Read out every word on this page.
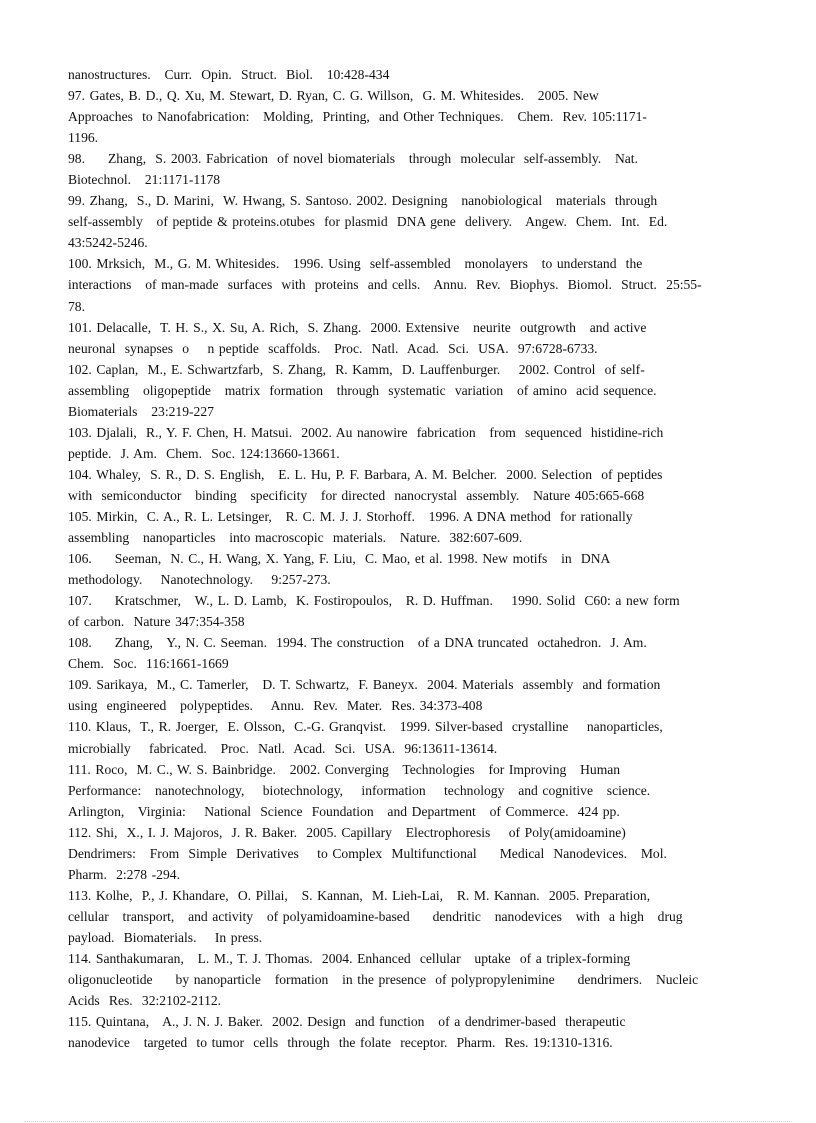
nanostructures.   Curr.  Opin.  Struct.  Biol.   10:428-434
97. Gates, B. D., Q. Xu, M. Stewart, D. Ryan, C. G. Willson,  G. M. Whitesides.   2005. New
Approaches  to Nanofabrication:   Molding,  Printing,  and Other Techniques.   Chem.  Rev. 105:1171-
1196.
98.     Zhang,  S. 2003. Fabrication  of novel biomaterials   through  molecular  self-assembly.   Nat.
Biotechnol.   21:1171-1178
99. Zhang,  S., D. Marini,  W. Hwang, S. Santoso. 2002. Designing   nanobiological   materials  through
self-assembly   of peptide & proteins.otubes  for plasmid  DNA gene  delivery.   Angew.  Chem.  Int.  Ed.
43:5242-5246.
100. Mrksich,  M., G. M. Whitesides.   1996. Using  self-assembled   monolayers   to understand  the
interactions   of man-made  surfaces  with  proteins  and cells.   Annu.  Rev.  Biophys.  Biomol.  Struct.  25:55-
78.
101. Delacalle,  T. H. S., X. Su, A. Rich,  S. Zhang.  2000. Extensive   neurite  outgrowth   and active
neuronal  synapses  o    n peptide  scaffolds.   Proc.  Natl.  Acad.  Sci.  USA.  97:6728-6733.
102. Caplan,  M., E. Schwartzfarb,  S. Zhang,  R. Kamm,  D. Lauffenburger.    2002. Control  of self-
assembling   oligopeptide   matrix  formation   through  systematic  variation   of amino  acid sequence.
Biomaterials   23:219-227
103. Djalali,  R., Y. F. Chen, H. Matsui.  2002. Au nanowire  fabrication   from  sequenced  histidine-rich
peptide.  J. Am.  Chem.  Soc. 124:13660-13661.
104. Whaley,  S. R., D. S. English,   E. L. Hu, P. F. Barbara, A. M. Belcher.  2000. Selection  of peptides
with  semiconductor   binding   specificity   for directed  nanocrystal  assembly.   Nature 405:665-668
105. Mirkin,  C. A., R. L. Letsinger,   R. C. M. J. J. Storhoff.   1996. A DNA method  for rationally
assembling   nanoparticles   into macroscopic  materials.   Nature.  382:607-609.
106.     Seeman,  N. C., H. Wang, X. Yang, F. Liu,  C. Mao, et al. 1998. New motifs   in  DNA
methodology.    Nanotechnology.    9:257-273.
107.     Kratschmer,   W., L. D. Lamb,  K. Fostiropoulos,   R. D. Huffman.    1990. Solid  C60: a new form
of carbon.  Nature 347:354-358
108.     Zhang,   Y., N. C. Seeman.  1994. The construction   of a DNA truncated  octahedron.  J. Am.
Chem.  Soc.  116:1661-1669
109. Sarikaya,  M., C. Tamerler,   D. T. Schwartz,  F. Baneyx.  2004. Materials  assembly  and formation
using  engineered   polypeptides.    Annu.  Rev.  Mater.  Res. 34:373-408
110. Klaus,  T., R. Joerger,  E. Olsson,  C.-G. Granqvist.   1999. Silver-based  crystalline    nanoparticles,
microbially    fabricated.   Proc.  Natl.  Acad.  Sci.  USA.  96:13611-13614.
111. Roco,  M. C., W. S. Bainbridge.   2002. Converging   Technologies   for Improving   Human
Performance:   nanotechnology,    biotechnology,    information    technology   and cognitive   science.
Arlington,   Virginia:    National  Science  Foundation   and Department   of Commerce.  424 pp.
112. Shi,  X., I. J. Majoros,  J. R. Baker.  2005. Capillary   Electrophoresis    of Poly(amidoamine)
Dendrimers:   From  Simple  Derivatives    to Complex  Multifunctional     Medical  Nanodevices.   Mol.
Pharm.  2:278 -294.
113. Kolhe,  P., J. Khandare,  O. Pillai,   S. Kannan,  M. Lieh-Lai,   R. M. Kannan.  2005. Preparation,
cellular   transport,   and activity   of polyamidoamine-based     dendritic   nanodevices   with  a high   drug
payload.  Biomaterials.    In press.
114. Santhakumaran,   L. M., T. J. Thomas.  2004. Enhanced  cellular   uptake  of a triplex-forming
oligonucleotide     by nanoparticle   formation   in the presence  of polypropylenimine     dendrimers.   Nucleic
Acids  Res.  32:2102-2112.
115. Quintana,   A., J. N. J. Baker.  2002. Design  and function   of a dendrimer-based  therapeutic
nanodevice   targeted  to tumor  cells  through  the folate  receptor.  Pharm.  Res. 19:1310-1316.
